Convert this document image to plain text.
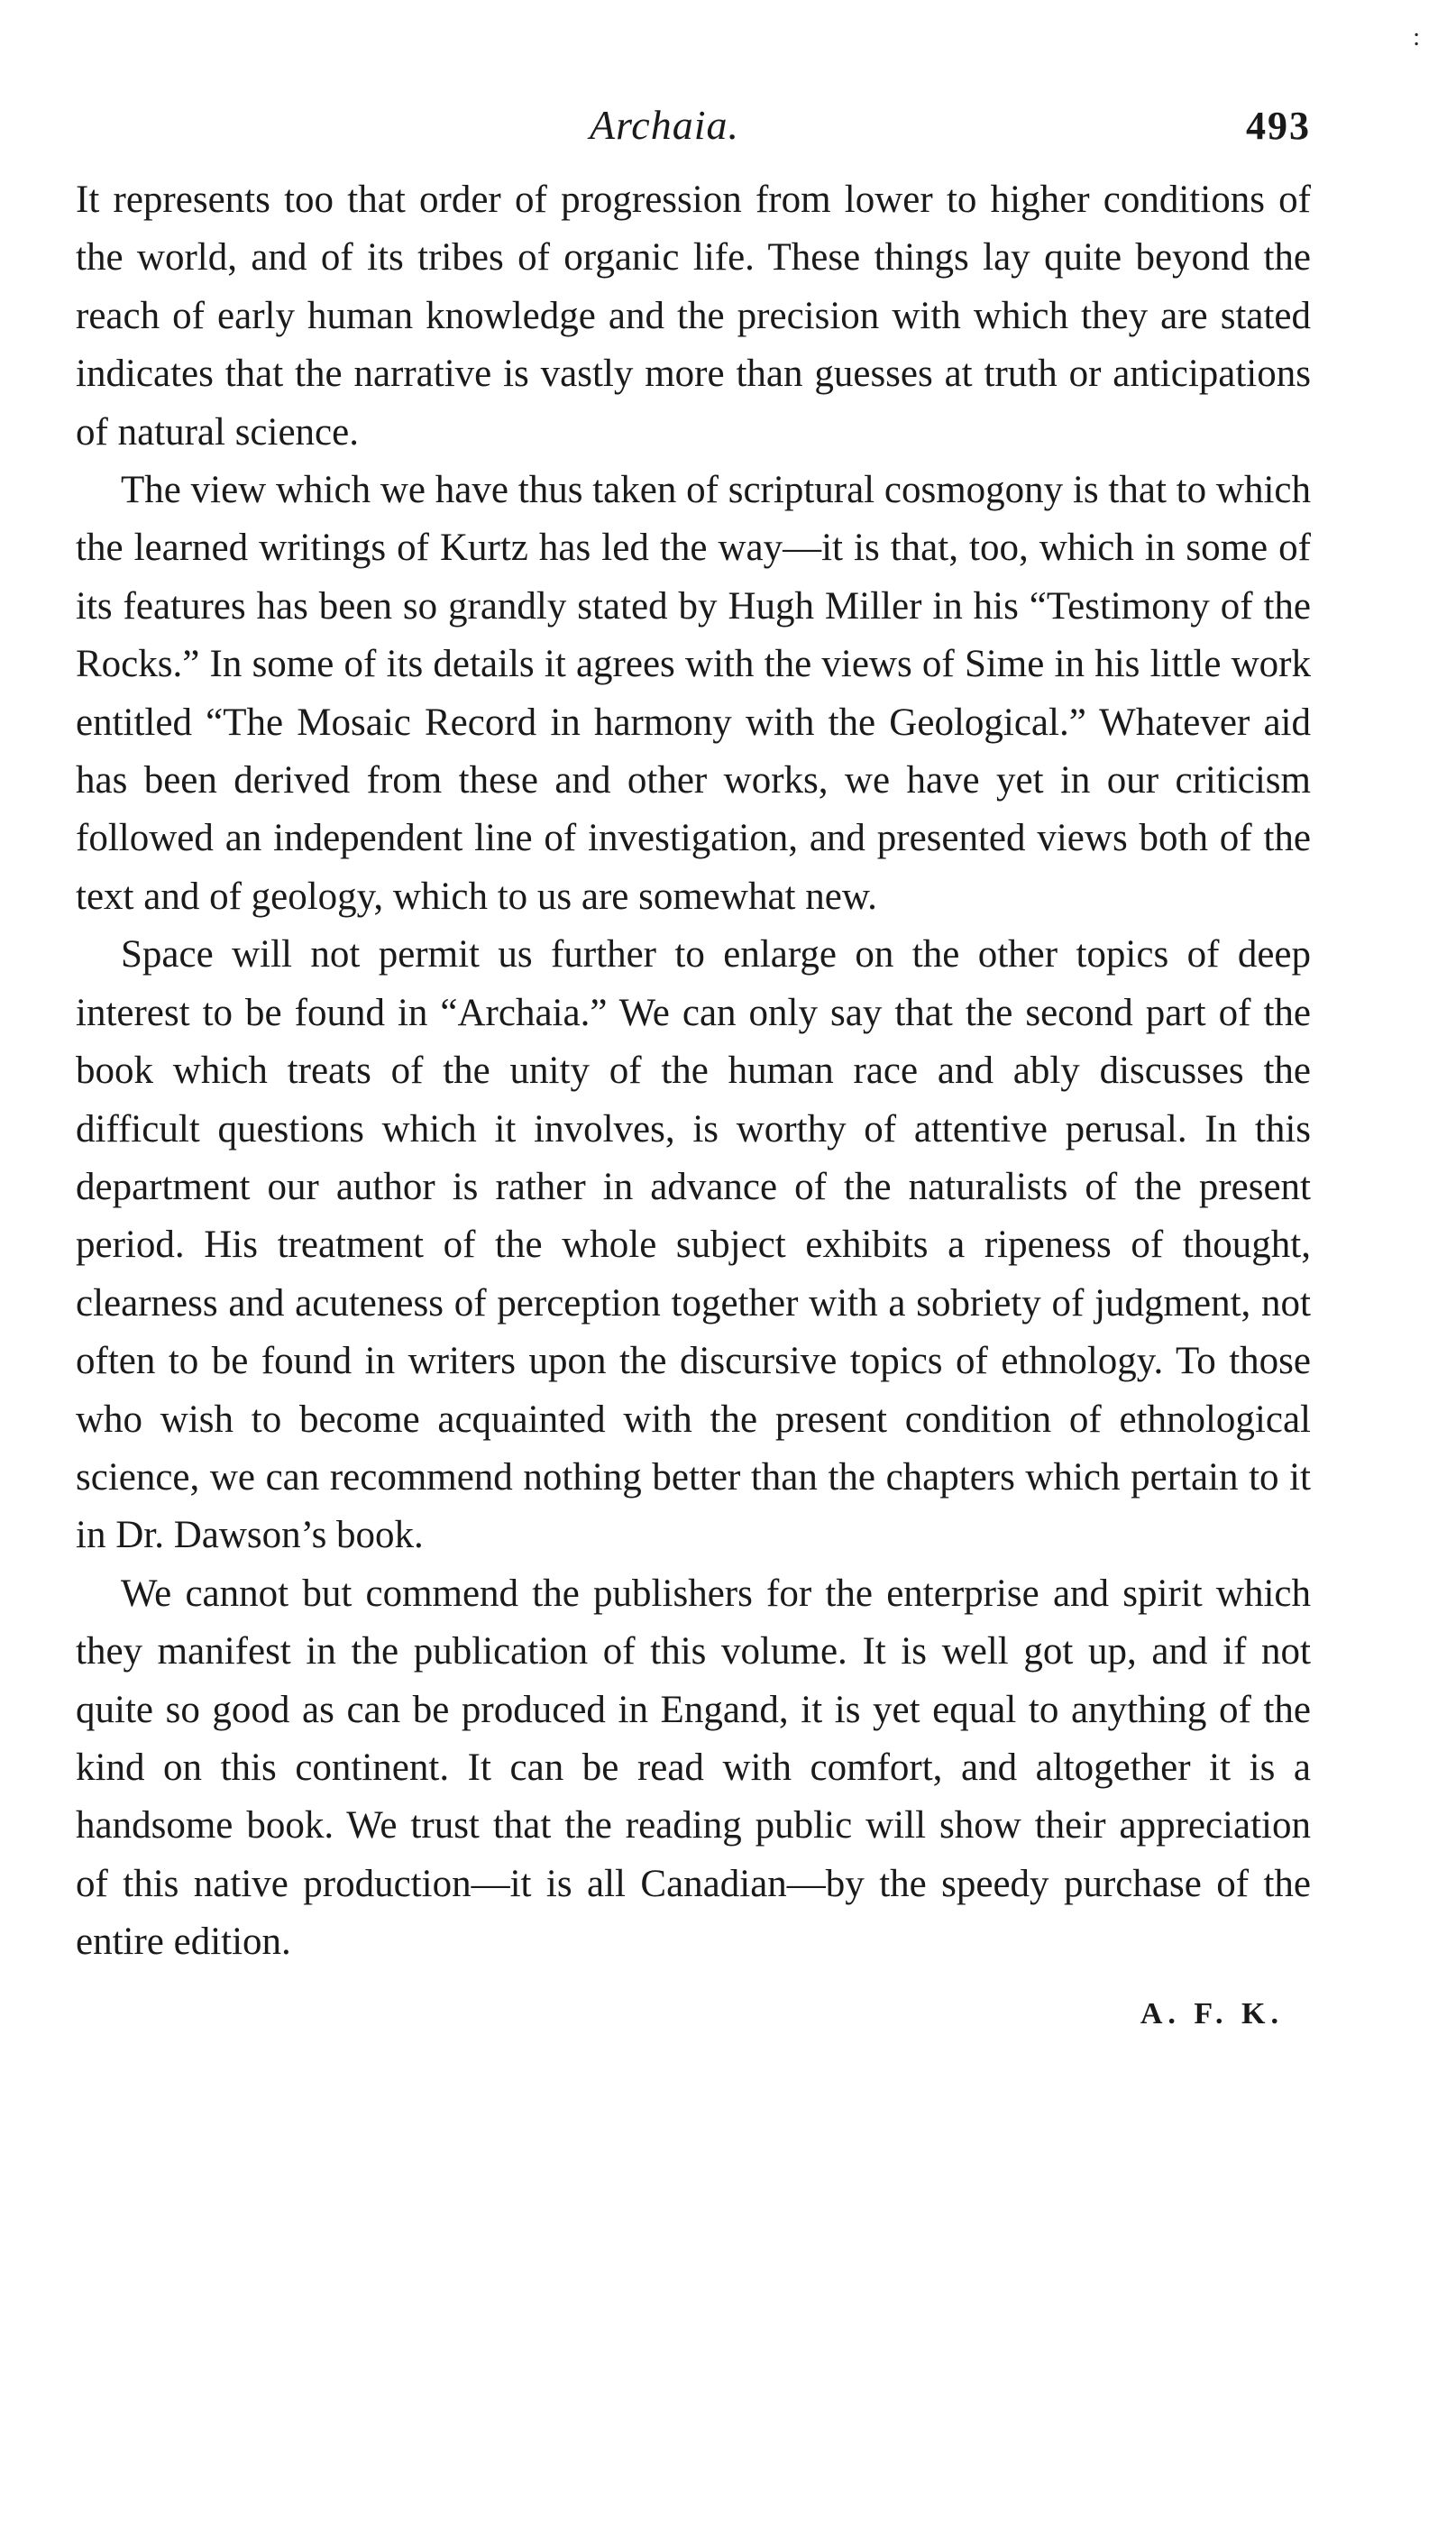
:
Archaia.	493

It represents too that order of progression from lower to higher conditions of the world, and of its tribes of organic life. These things lay quite beyond the reach of early human knowledge and the precision with which they are stated indicates that the narrative is vastly more than guesses at truth or anticipations of natural science.

The view which we have thus taken of scriptural cosmogony is that to which the learned writings of Kurtz has led the way—it is that, too, which in some of its features has been so grandly stated by Hugh Miller in his “Testimony of the Rocks.” In some of its details it agrees with the views of Sime in his little work entitled “The Mosaic Record in harmony with the Geological.” Whatever aid has been derived from these and other works, we have yet in our criticism followed an independent line of investigation, and presented views both of the text and of geology, which to us are somewhat new.

Space will not permit us further to enlarge on the other topics of deep interest to be found in “Archaia.” We can only say that the second part of the book which treats of the unity of the human race and ably discusses the difficult questions which it involves, is worthy of attentive perusal. In this department our author is rather in advance of the naturalists of the present period. His treatment of the whole subject exhibits a ripeness of thought, clearness and acuteness of perception together with a sobriety of judgment, not often to be found in writers upon the discursive topics of ethnology. To those who wish to become acquainted with the present condition of ethnological science, we can recommend nothing better than the chapters which pertain to it in Dr. Dawson’s book.

We cannot but commend the publishers for the enterprise and spirit which they manifest in the publication of this volume. It is well got up, and if not quite so good as can be produced in Engand, it is yet equal to anything of the kind on this continent. It can be read with comfort, and altogether it is a handsome book. We trust that the reading public will show their appreciation of this native production—it is all Canadian—by the speedy purchase of the entire edition.

A. F. K.
